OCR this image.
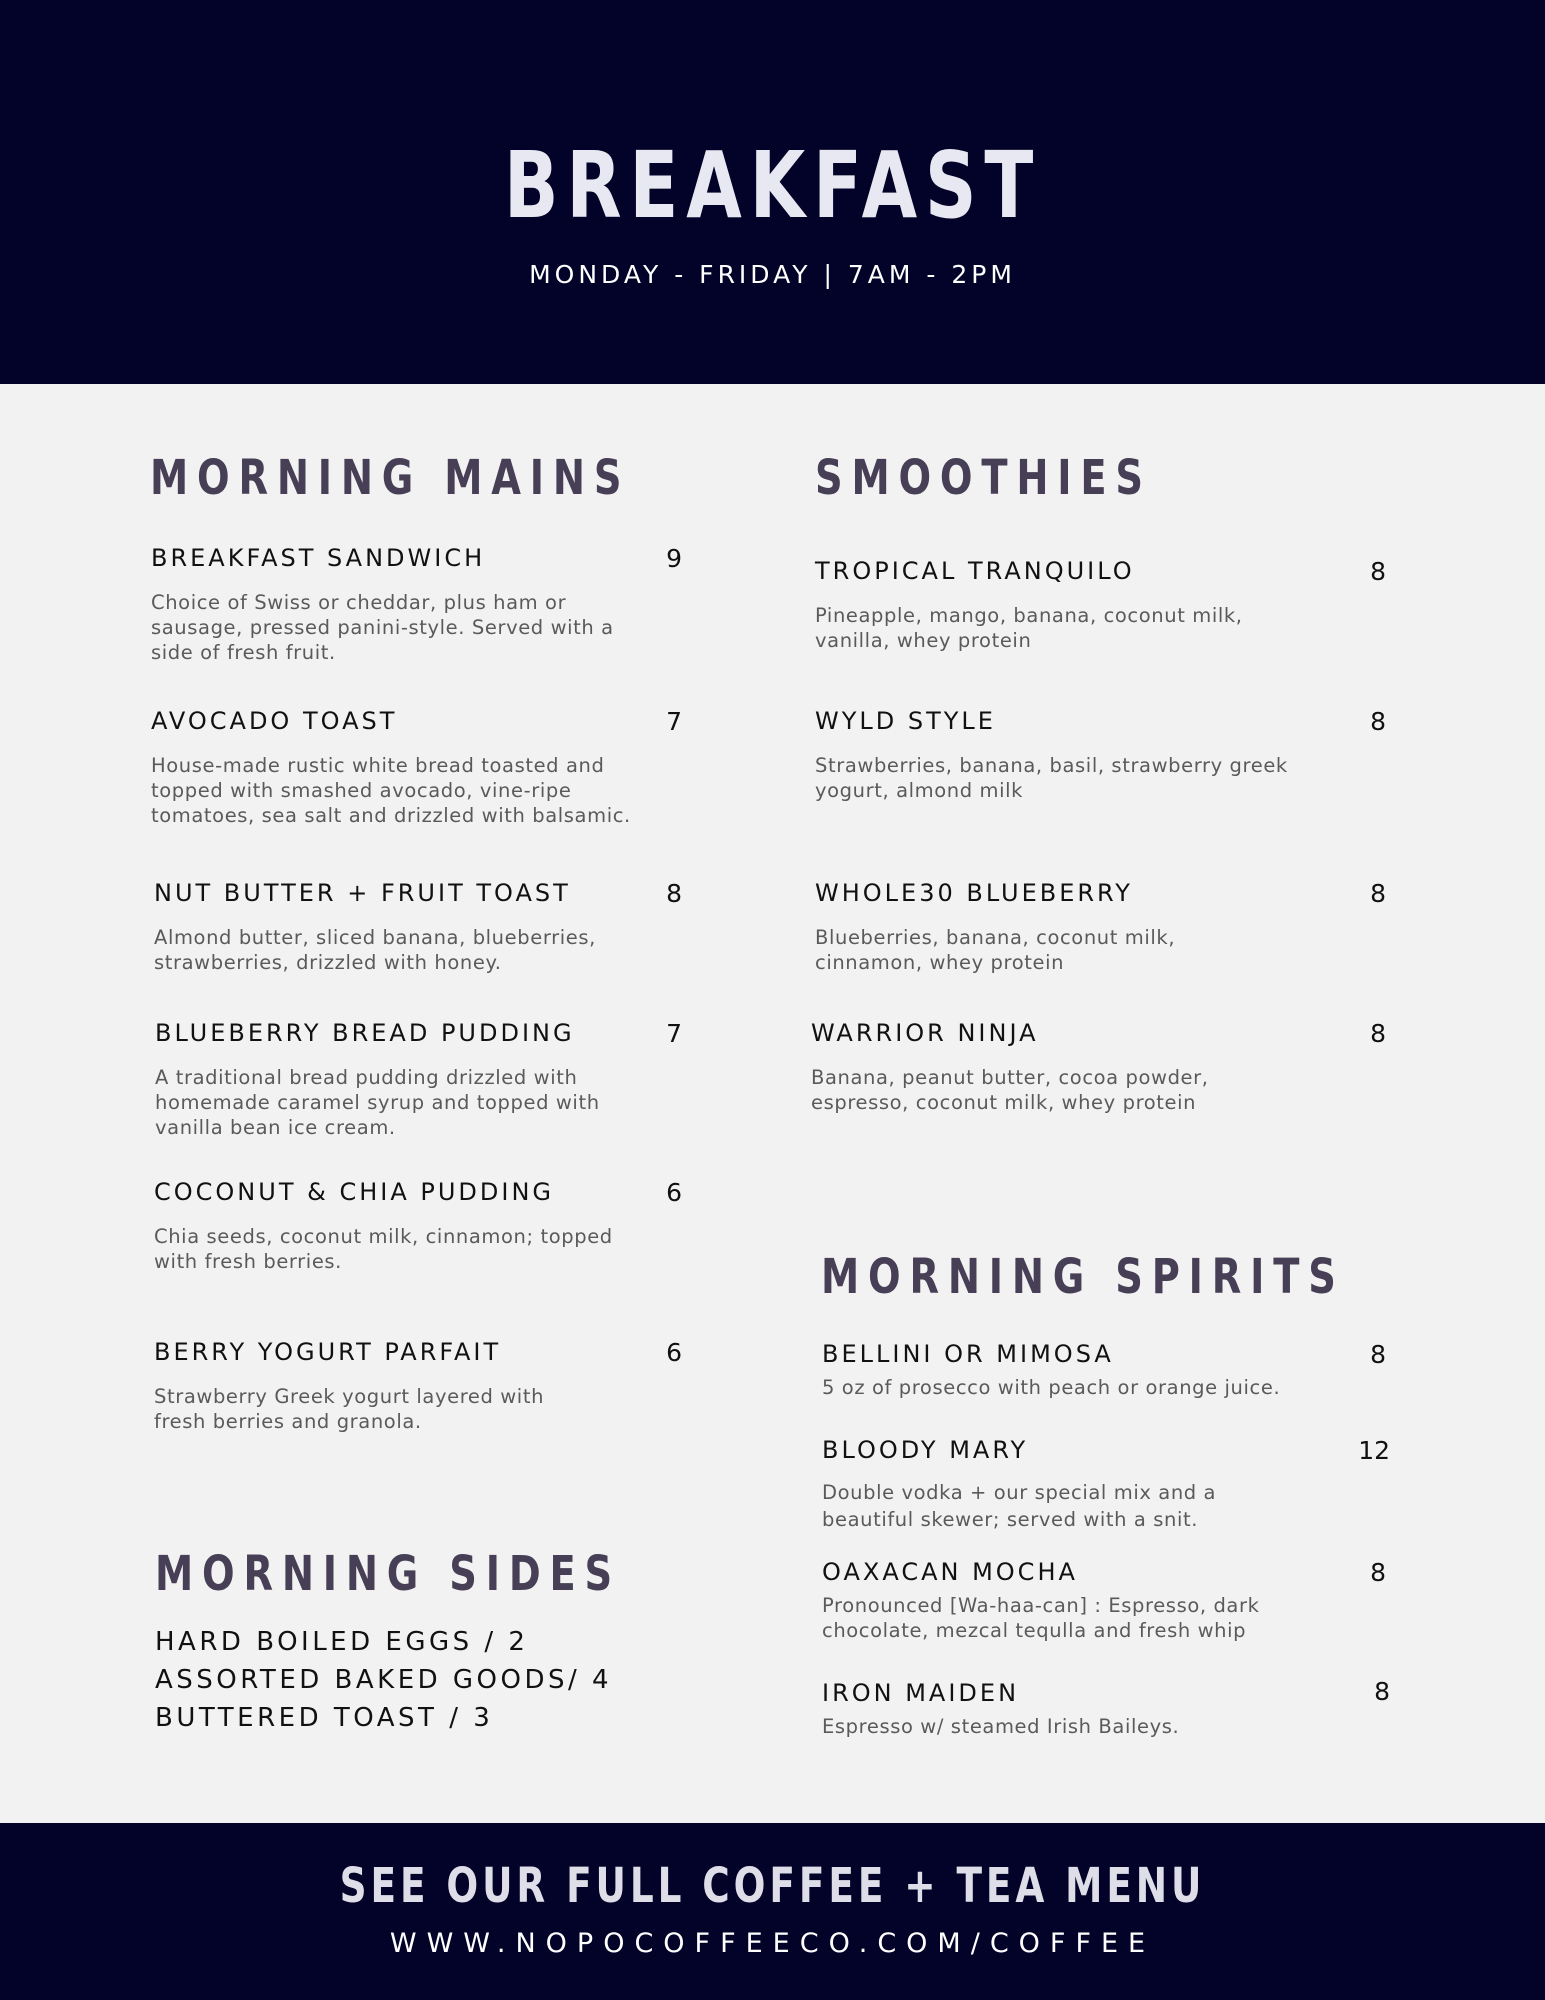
BREAKFAST
MONDAY - FRIDAY | 7AM - 2PM
MORNING MAINS
BREAKFAST SANDWICH	9
Choice of Swiss or cheddar, plus ham or sausage, pressed panini-style. Served with a side of fresh fruit.
AVOCADO TOAST	7
House-made rustic white bread toasted and topped with smashed avocado, vine-ripe tomatoes, sea salt and drizzled with balsamic.
NUT BUTTER + FRUIT TOAST	8
Almond butter, sliced banana, blueberries, strawberries, drizzled with honey.
BLUEBERRY BREAD PUDDING	7
A traditional bread pudding drizzled with homemade caramel syrup and topped with vanilla bean ice cream.
COCONUT & CHIA PUDDING	6
Chia seeds, coconut milk, cinnamon; topped with fresh berries.
BERRY YOGURT PARFAIT	6
Strawberry Greek yogurt layered with fresh berries and granola.
MORNING SIDES
HARD BOILED EGGS / 2
ASSORTED BAKED GOODS/ 4
BUTTERED TOAST / 3
SMOOTHIES
TROPICAL TRANQUILO	8
Pineapple, mango, banana, coconut milk, vanilla, whey protein
WYLD STYLE	8
Strawberries, banana, basil, strawberry greek yogurt, almond milk
WHOLE30 BLUEBERRY	8
Blueberries, banana, coconut milk, cinnamon, whey protein
WARRIOR NINJA	8
Banana, peanut butter, cocoa powder, espresso, coconut milk, whey protein
MORNING SPIRITS
BELLINI OR MIMOSA	8
5 oz of prosecco with peach or orange juice.
BLOODY MARY	12
Double vodka + our special mix and a beautiful skewer; served with a snit.
OAXACAN MOCHA	8
Pronounced [Wa-haa-can] : Espresso, dark chocolate, mezcal tequlla and fresh whip
IRON MAIDEN	8
Espresso w/ steamed Irish Baileys.
SEE OUR FULL COFFEE + TEA MENU
WWW.NOPOCOFFEECO.COM/COFFEE
